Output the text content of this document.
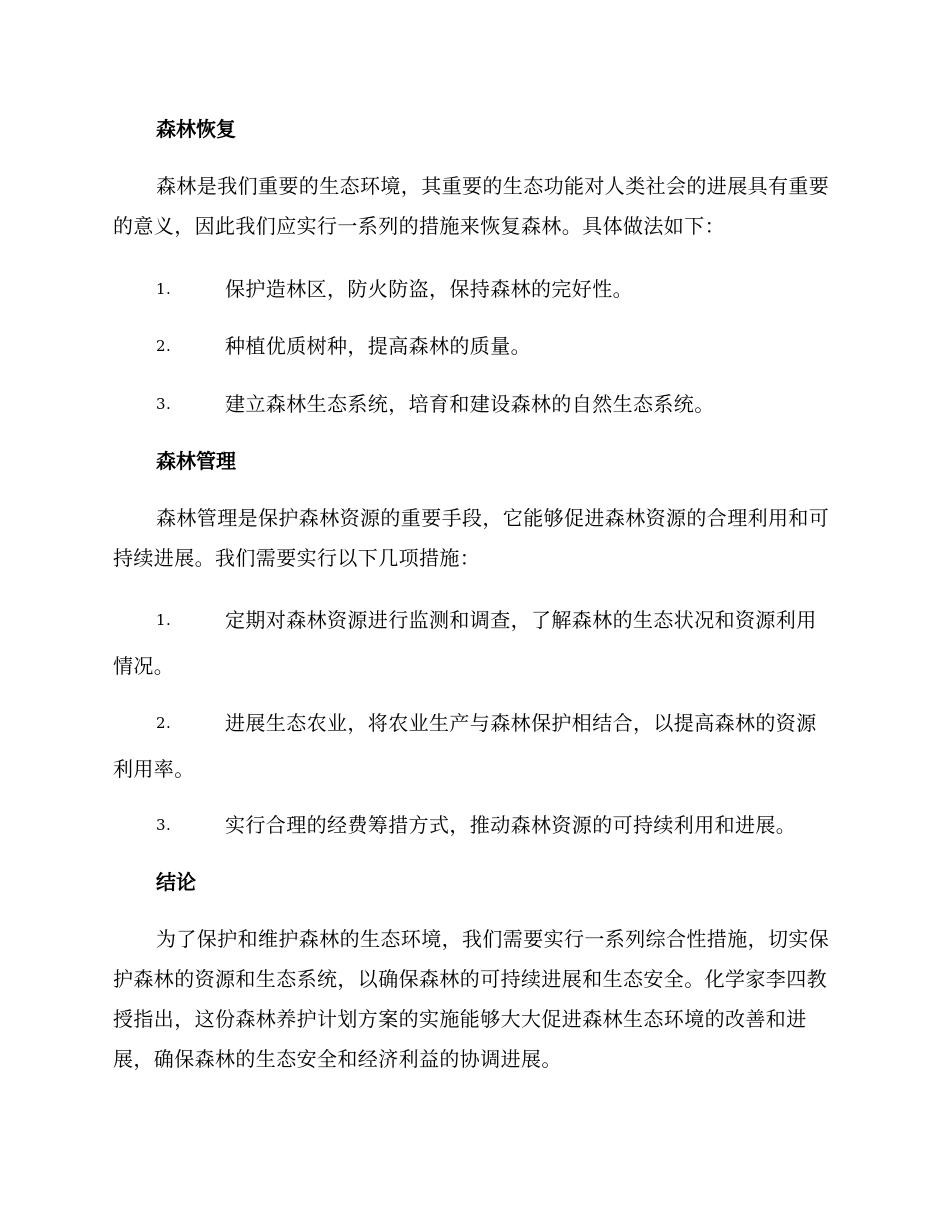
森林恢复
森林是我们重要的生态环境，其重要的生态功能对人类社会的进展具有重要的意义，因此我们应实行一系列的措施来恢复森林。具体做法如下：
1.	保护造林区，防火防盗，保持森林的完好性。
2.	种植优质树种，提高森林的质量。
3.	建立森林生态系统，培育和建设森林的自然生态系统。
森林管理
森林管理是保护森林资源的重要手段，它能够促进森林资源的合理利用和可持续进展。我们需要实行以下几项措施：
1.	定期对森林资源进行监测和调查，了解森林的生态状况和资源利用情况。
2.	进展生态农业，将农业生产与森林保护相结合，以提高森林的资源利用率。
3.	实行合理的经费筹措方式，推动森林资源的可持续利用和进展。
结论
为了保护和维护森林的生态环境，我们需要实行一系列综合性措施，切实保护森林的资源和生态系统，以确保森林的可持续进展和生态安全。化学家李四教授指出，这份森林养护计划方案的实施能够大大促进森林生态环境的改善和进展，确保森林的生态安全和经济利益的协调进展。
